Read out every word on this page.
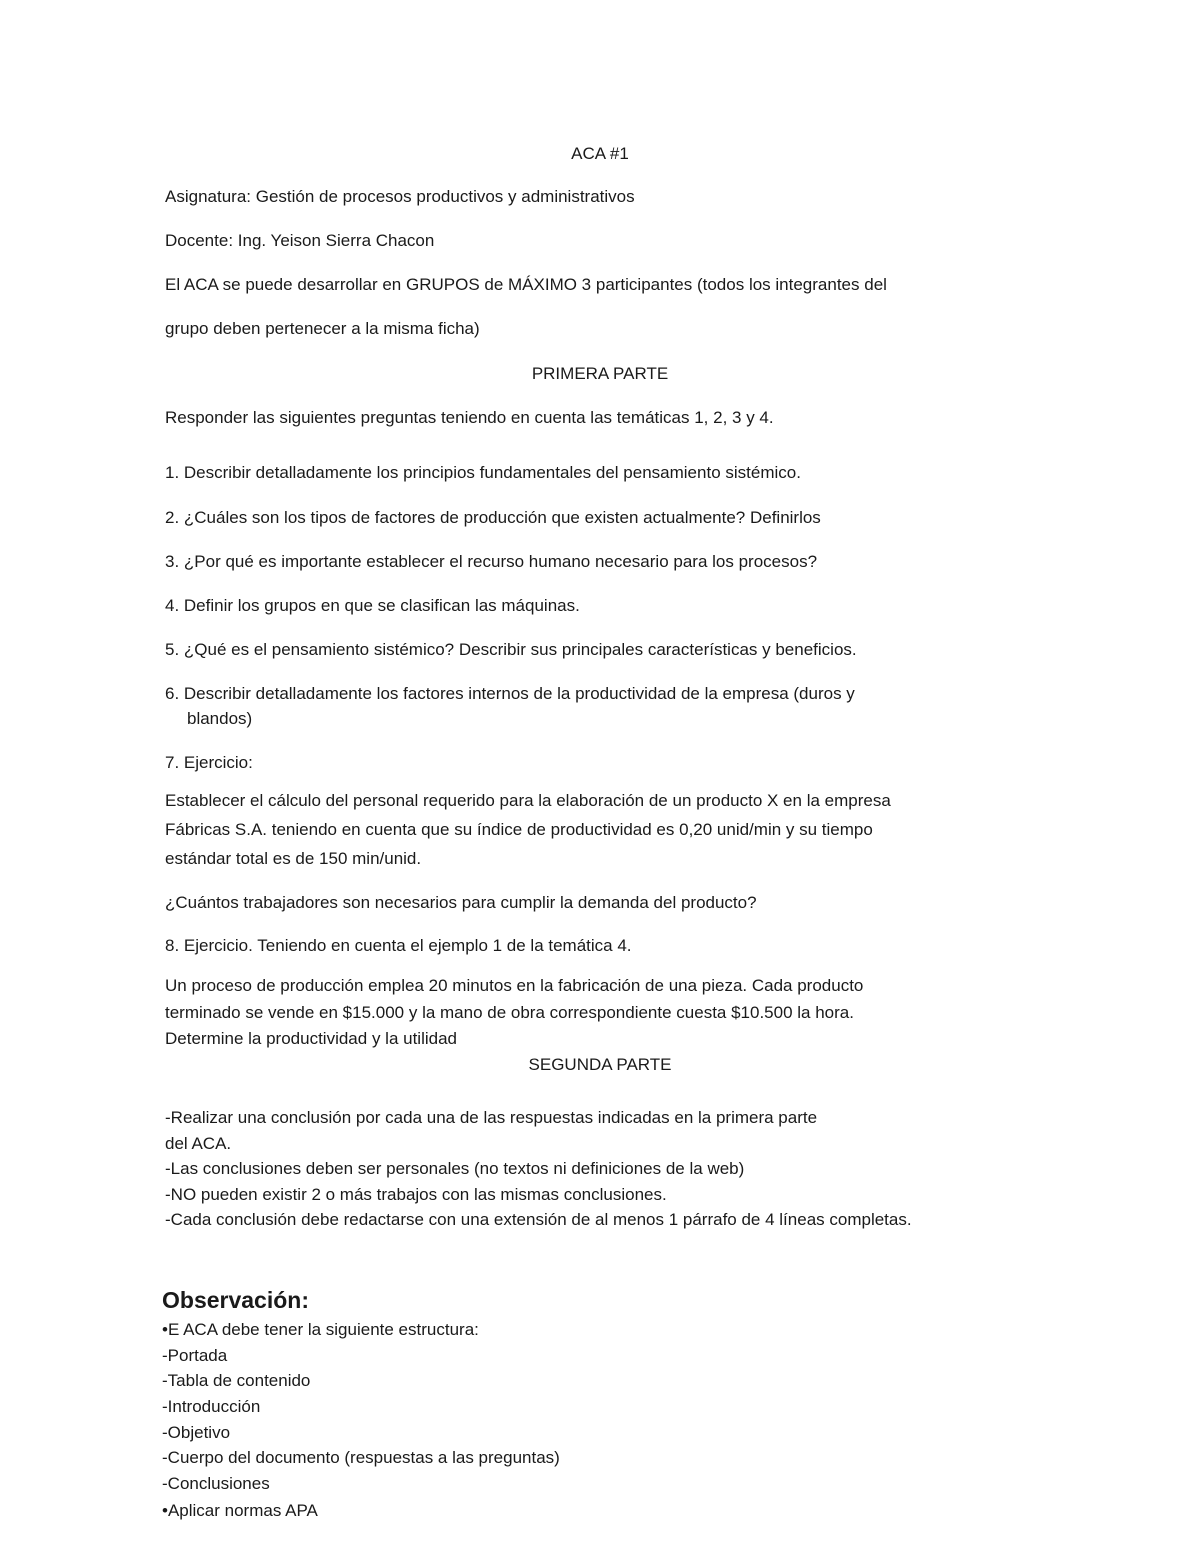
ACA #1

Asignatura: Gestión de procesos productivos y administrativos

Docente: Ing. Yeison Sierra Chacon

El ACA se puede desarrollar en GRUPOS de MÁXIMO 3 participantes (todos los integrantes del

grupo deben pertenecer a la misma ficha)

PRIMERA PARTE

Responder las siguientes preguntas teniendo en cuenta las temáticas 1, 2, 3 y 4.

1. Describir detalladamente los principios fundamentales del pensamiento sistémico.

2. ¿Cuáles son los tipos de factores de producción que existen actualmente? Definirlos

3. ¿Por qué es importante establecer el recurso humano necesario para los procesos?

4. Definir los grupos en que se clasifican las máquinas.

5. ¿Qué es el pensamiento sistémico? Describir sus principales características y beneficios.

6. Describir detalladamente los factores internos de la productividad de la empresa (duros y

blandos)

7. Ejercicio:

Establecer el cálculo del personal requerido para la elaboración de un producto X en la empresa

Fábricas S.A. teniendo en cuenta que su índice de productividad es 0,20 unid/min y su tiempo

estándar total es de 150 min/unid.

¿Cuántos trabajadores son necesarios para cumplir la demanda del producto?

8. Ejercicio. Teniendo en cuenta el ejemplo 1 de la temática 4.

Un proceso de producción emplea 20 minutos en la fabricación de una pieza. Cada producto

terminado se vende en $15.000 y la mano de obra correspondiente cuesta $10.500 la hora.

Determine la productividad y la utilidad

SEGUNDA PARTE

-Realizar una conclusión por cada una de las respuestas indicadas en la primera parte

del ACA.

-Las conclusiones deben ser personales (no textos ni definiciones de la web)

-NO pueden existir 2 o más trabajos con las mismas conclusiones.

-Cada conclusión debe redactarse con una extensión de al menos 1 párrafo de 4 líneas completas.

Observación:

•E ACA debe tener la siguiente estructura:

-Portada

-Tabla de contenido

-Introducción

-Objetivo

-Cuerpo del documento (respuestas a las preguntas)

-Conclusiones

•Aplicar normas APA
